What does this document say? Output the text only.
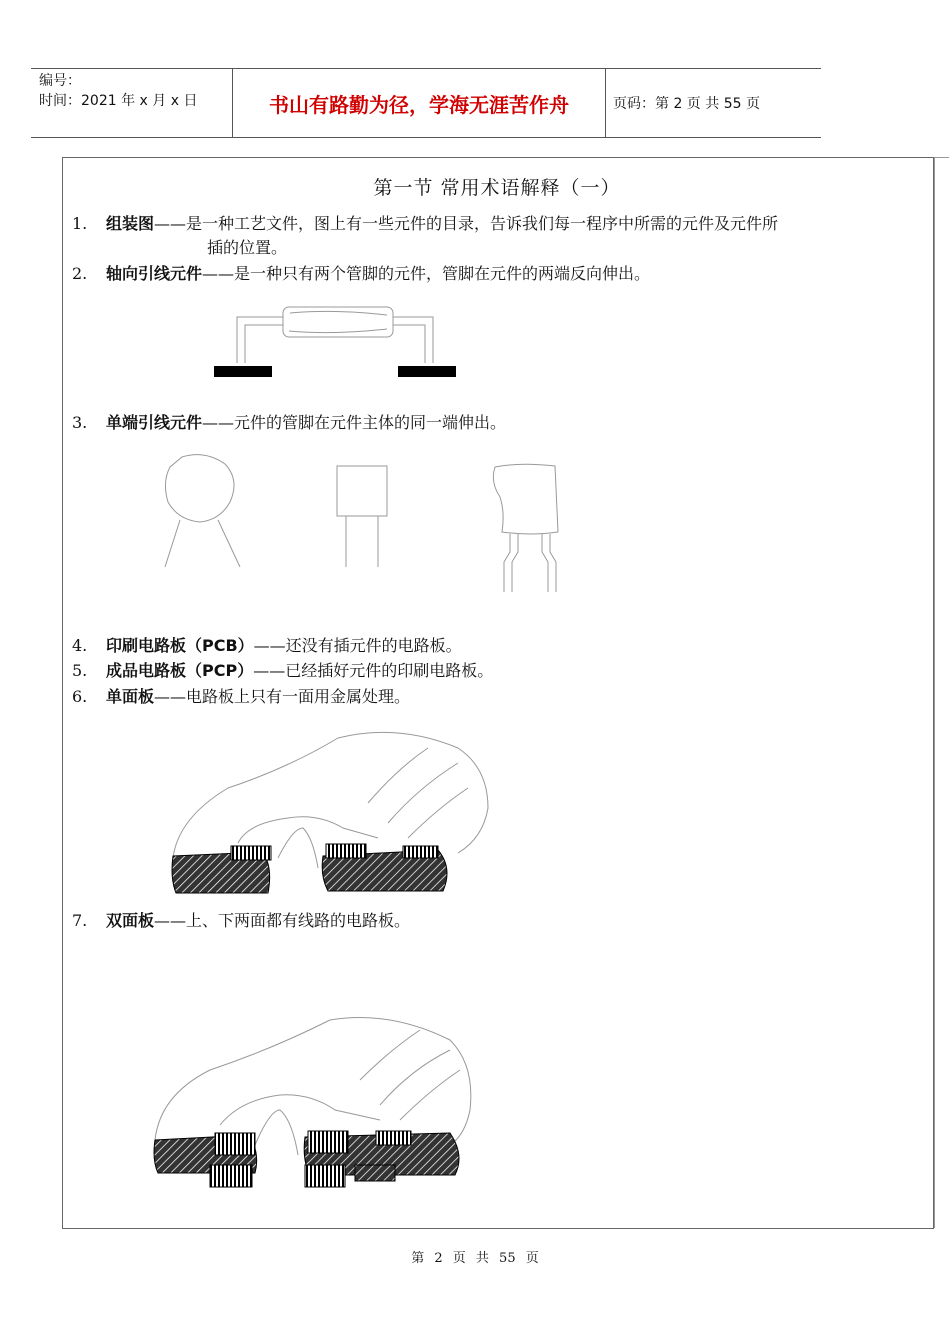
编号：
时间：2021 年 x 月 x 日	书山有路勤为径，学海无涯苦作舟	页码：第 2 页 共 55 页
第一节 常用术语解释（一）
1.	组装图——是一种工艺文件，图上有一些元件的目录，告诉我们每一程序中所需的元件及元件所
插的位置。
2.	轴向引线元件——是一种只有两个管脚的元件，管脚在元件的两端反向伸出。
3.	单端引线元件——元件的管脚在元件主体的同一端伸出。
4.	印刷电路板（PCB）——还没有插元件的电路板。
5.	成品电路板（PCP）——已经插好元件的印刷电路板。
6.	单面板——电路板上只有一面用金属处理。
7.	双面板——上、下两面都有线路的电路板。
第 2 页 共 55 页
